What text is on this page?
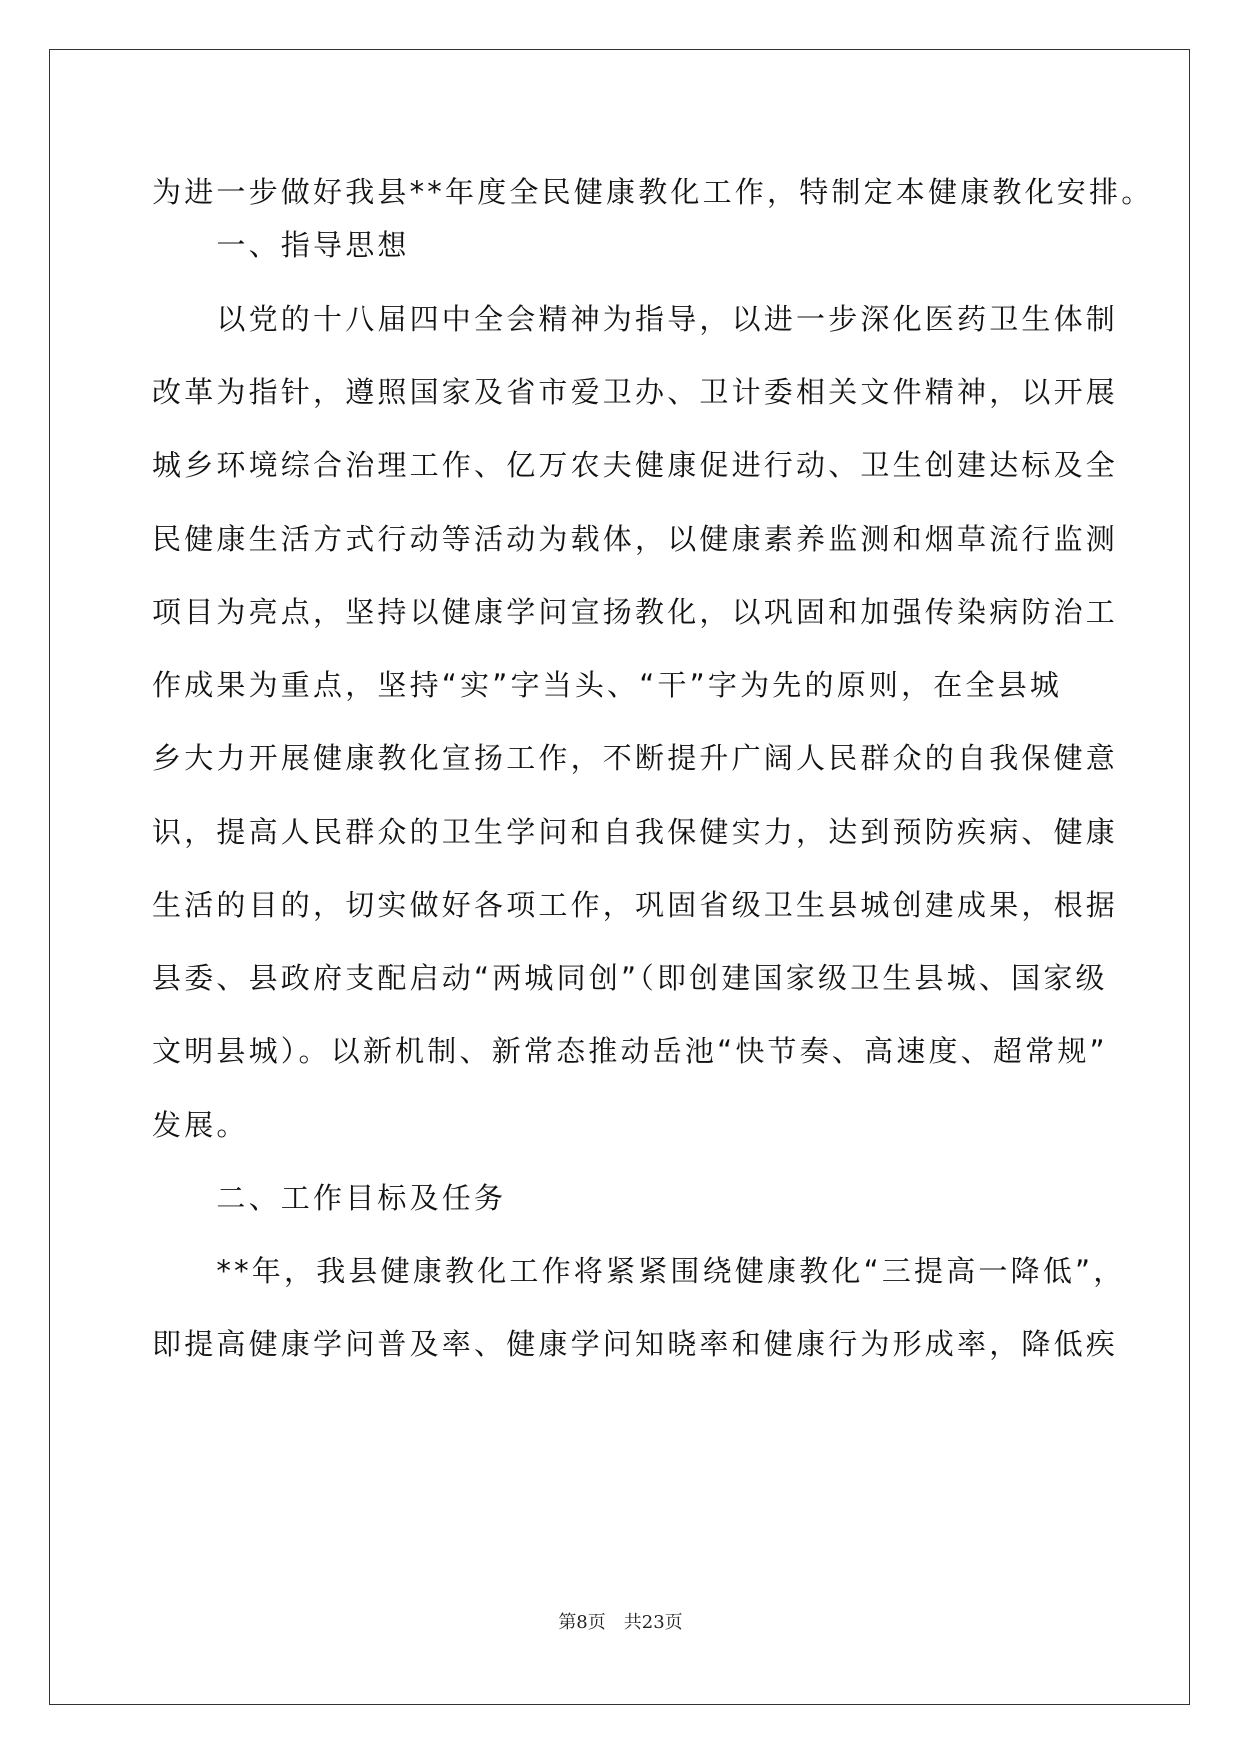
为进一步做好我县**年度全民健康教化工作，特制定本健康教化安排。

　　一、指导思想

　　以党的十八届四中全会精神为指导，以进一步深化医药卫生体制

改革为指针，遵照国家及省市爱卫办、卫计委相关文件精神，以开展

城乡环境综合治理工作、亿万农夫健康促进行动、卫生创建达标及全

民健康生活方式行动等活动为载体，以健康素养监测和烟草流行监测

项目为亮点，坚持以健康学问宣扬教化，以巩固和加强传染病防治工

作成果为重点，坚持“实”字当头、“干”字为先的原则，在全县城

乡大力开展健康教化宣扬工作，不断提升广阔人民群众的自我保健意

识，提高人民群众的卫生学问和自我保健实力，达到预防疾病、健康

生活的目的，切实做好各项工作，巩固省级卫生县城创建成果，根据

县委、县政府支配启动“两城同创”（即创建国家级卫生县城、国家级

文明县城）。以新机制、新常态推动岳池“快节奏、高速度、超常规”

发展。

　　二、工作目标及任务

　　**年，我县健康教化工作将紧紧围绕健康教化“三提高一降低”，

即提高健康学问普及率、健康学问知晓率和健康行为形成率，降低疾

第8页　共23页
